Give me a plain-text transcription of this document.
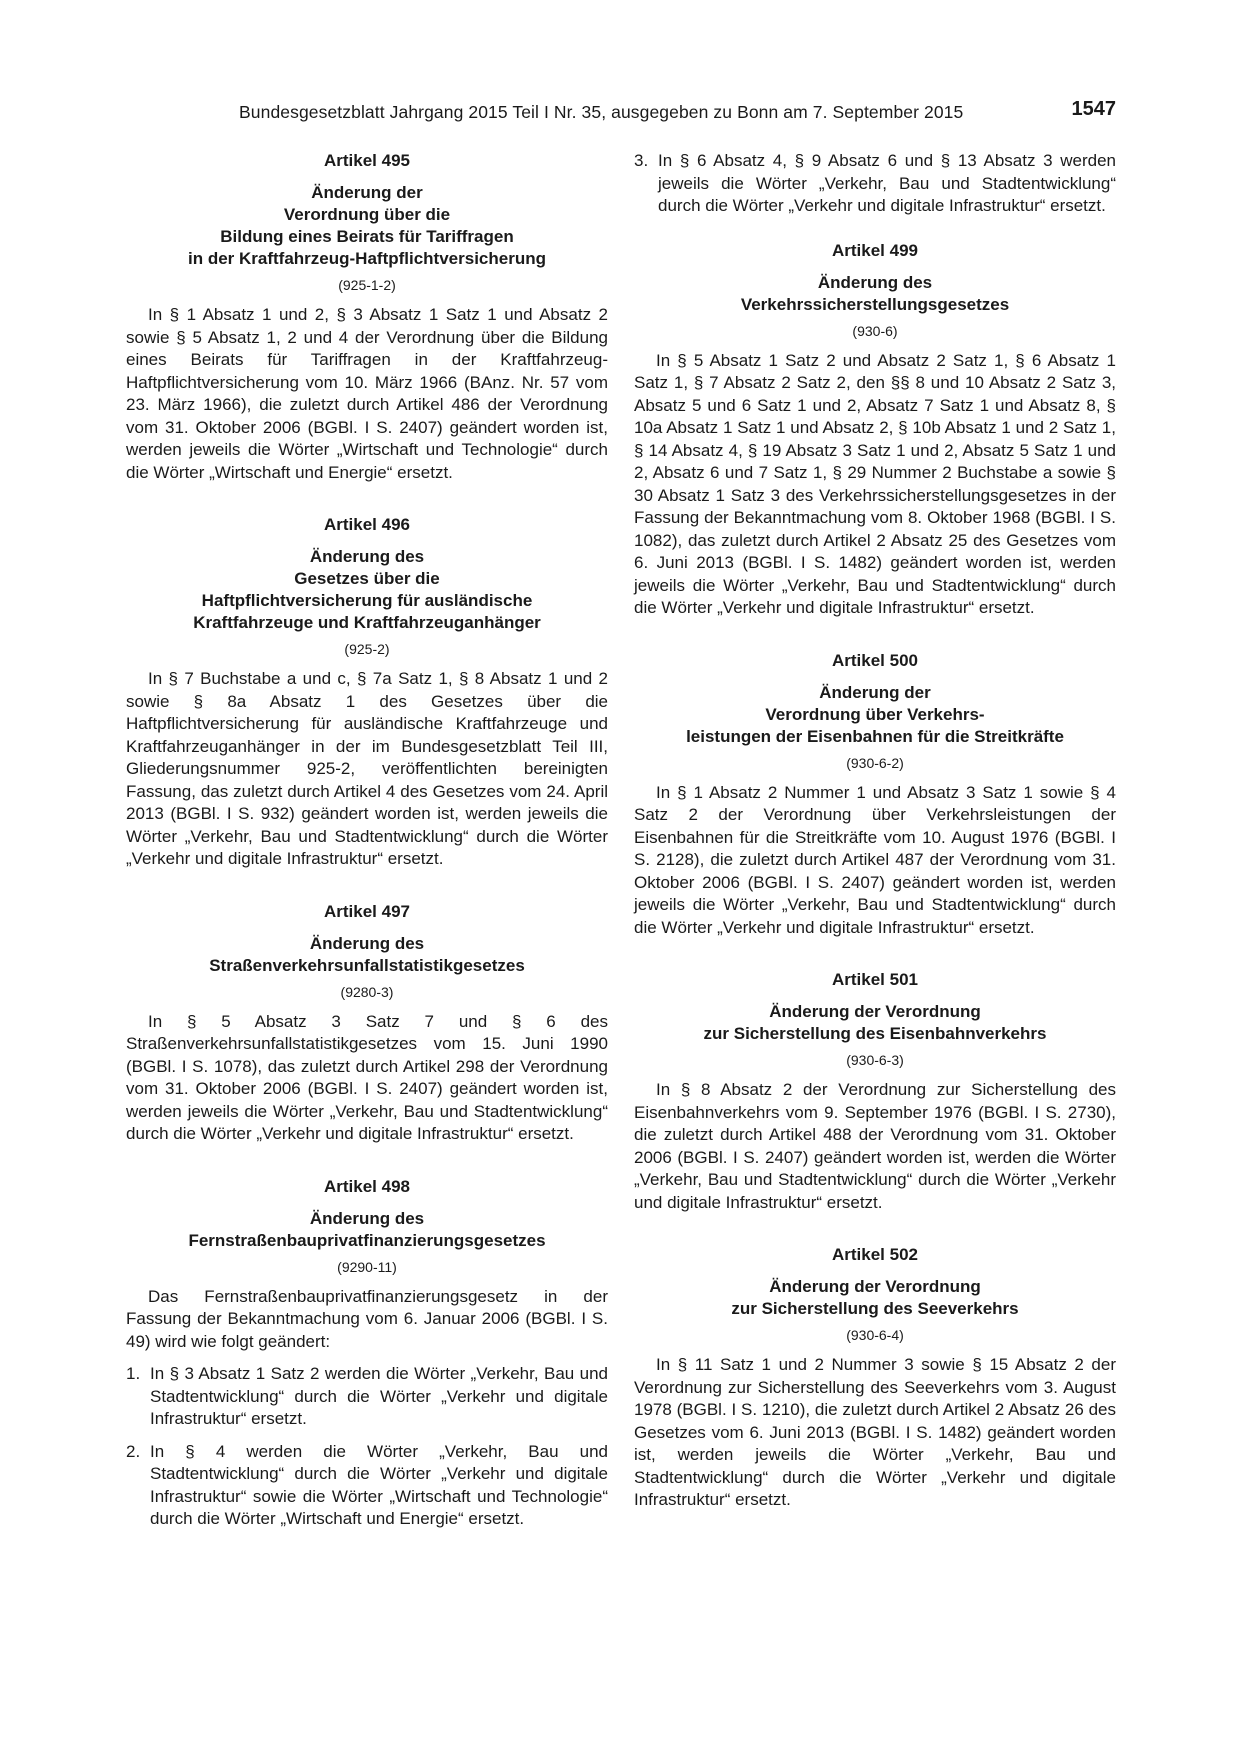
Bundesgesetzblatt Jahrgang 2015 Teil I Nr. 35, ausgegeben zu Bonn am 7. September 2015	1547
Artikel 495
Änderung der
Verordnung über die
Bildung eines Beirats für Tariffragen
in der Kraftfahrzeug-Haftpflichtversicherung
(925-1-2)

In § 1 Absatz 1 und 2, § 3 Absatz 1 Satz 1 und Absatz 2 sowie § 5 Absatz 1, 2 und 4 der Verordnung über die Bildung eines Beirats für Tariffragen in der Kraftfahrzeug-Haftpflichtversicherung vom 10. März 1966 (BAnz. Nr. 57 vom 23. März 1966), die zuletzt durch Artikel 486 der Verordnung vom 31. Oktober 2006 (BGBl. I S. 2407) geändert worden ist, werden jeweils die Wörter „Wirtschaft und Technologie“ durch die Wörter „Wirtschaft und Energie“ ersetzt.

Artikel 496
Änderung des
Gesetzes über die
Haftpflichtversicherung für ausländische
Kraftfahrzeuge und Kraftfahrzeuganhänger
(925-2)

In § 7 Buchstabe a und c, § 7a Satz 1, § 8 Absatz 1 und 2 sowie § 8a Absatz 1 des Gesetzes über die Haftpflichtversicherung für ausländische Kraftfahrzeuge und Kraftfahrzeuganhänger in der im Bundesgesetzblatt Teil III, Gliederungsnummer 925-2, veröffentlichten bereinigten Fassung, das zuletzt durch Artikel 4 des Gesetzes vom 24. April 2013 (BGBl. I S. 932) geändert worden ist, werden jeweils die Wörter „Verkehr, Bau und Stadtentwicklung“ durch die Wörter „Verkehr und digitale Infrastruktur“ ersetzt.

Artikel 497
Änderung des
Straßenverkehrsunfallstatistikgesetzes
(9280-3)

In § 5 Absatz 3 Satz 7 und § 6 des Straßenverkehrsunfallstatistikgesetzes vom 15. Juni 1990 (BGBl. I S. 1078), das zuletzt durch Artikel 298 der Verordnung vom 31. Oktober 2006 (BGBl. I S. 2407) geändert worden ist, werden jeweils die Wörter „Verkehr, Bau und Stadtentwicklung“ durch die Wörter „Verkehr und digitale Infrastruktur“ ersetzt.

Artikel 498
Änderung des
Fernstraßenbauprivatfinanzierungsgesetzes
(9290-11)

Das Fernstraßenbauprivatfinanzierungsgesetz in der Fassung der Bekanntmachung vom 6. Januar 2006 (BGBl. I S. 49) wird wie folgt geändert:

1. In § 3 Absatz 1 Satz 2 werden die Wörter „Verkehr, Bau und Stadtentwicklung“ durch die Wörter „Verkehr und digitale Infrastruktur“ ersetzt.
2. In § 4 werden die Wörter „Verkehr, Bau und Stadtentwicklung“ durch die Wörter „Verkehr und digitale Infrastruktur“ sowie die Wörter „Wirtschaft und Technologie“ durch die Wörter „Wirtschaft und Energie“ ersetzt.
3. In § 6 Absatz 4, § 9 Absatz 6 und § 13 Absatz 3 werden jeweils die Wörter „Verkehr, Bau und Stadtentwicklung“ durch die Wörter „Verkehr und digitale Infrastruktur“ ersetzt.
Artikel 499
Änderung des
Verkehrssicherstellungsgesetzes
(930-6)

In § 5 Absatz 1 Satz 2 und Absatz 2 Satz 1, § 6 Absatz 1 Satz 1, § 7 Absatz 2 Satz 2, den §§ 8 und 10 Absatz 2 Satz 3, Absatz 5 und 6 Satz 1 und 2, Absatz 7 Satz 1 und Absatz 8, § 10a Absatz 1 Satz 1 und Absatz 2, § 10b Absatz 1 und 2 Satz 1, § 14 Absatz 4, § 19 Absatz 3 Satz 1 und 2, Absatz 5 Satz 1 und 2, Absatz 6 und 7 Satz 1, § 29 Nummer 2 Buchstabe a sowie § 30 Absatz 1 Satz 3 des Verkehrssicherstellungsgesetzes in der Fassung der Bekanntmachung vom 8. Oktober 1968 (BGBl. I S. 1082), das zuletzt durch Artikel 2 Absatz 25 des Gesetzes vom 6. Juni 2013 (BGBl. I S. 1482) geändert worden ist, werden jeweils die Wörter „Verkehr, Bau und Stadtentwicklung“ durch die Wörter „Verkehr und digitale Infrastruktur“ ersetzt.

Artikel 500
Änderung der
Verordnung über Verkehrs-
leistungen der Eisenbahnen für die Streitkräfte
(930-6-2)

In § 1 Absatz 2 Nummer 1 und Absatz 3 Satz 1 sowie § 4 Satz 2 der Verordnung über Verkehrsleistungen der Eisenbahnen für die Streitkräfte vom 10. August 1976 (BGBl. I S. 2128), die zuletzt durch Artikel 487 der Verordnung vom 31. Oktober 2006 (BGBl. I S. 2407) geändert worden ist, werden jeweils die Wörter „Verkehr, Bau und Stadtentwicklung“ durch die Wörter „Verkehr und digitale Infrastruktur“ ersetzt.

Artikel 501
Änderung der Verordnung
zur Sicherstellung des Eisenbahnverkehrs
(930-6-3)

In § 8 Absatz 2 der Verordnung zur Sicherstellung des Eisenbahnverkehrs vom 9. September 1976 (BGBl. I S. 2730), die zuletzt durch Artikel 488 der Verordnung vom 31. Oktober 2006 (BGBl. I S. 2407) geändert worden ist, werden die Wörter „Verkehr, Bau und Stadtentwicklung“ durch die Wörter „Verkehr und digitale Infrastruktur“ ersetzt.

Artikel 502
Änderung der Verordnung
zur Sicherstellung des Seeverkehrs
(930-6-4)

In § 11 Satz 1 und 2 Nummer 3 sowie § 15 Absatz 2 der Verordnung zur Sicherstellung des Seeverkehrs vom 3. August 1978 (BGBl. I S. 1210), die zuletzt durch Artikel 2 Absatz 26 des Gesetzes vom 6. Juni 2013 (BGBl. I S. 1482) geändert worden ist, werden jeweils die Wörter „Verkehr, Bau und Stadtentwicklung“ durch die Wörter „Verkehr und digitale Infrastruktur“ ersetzt.
